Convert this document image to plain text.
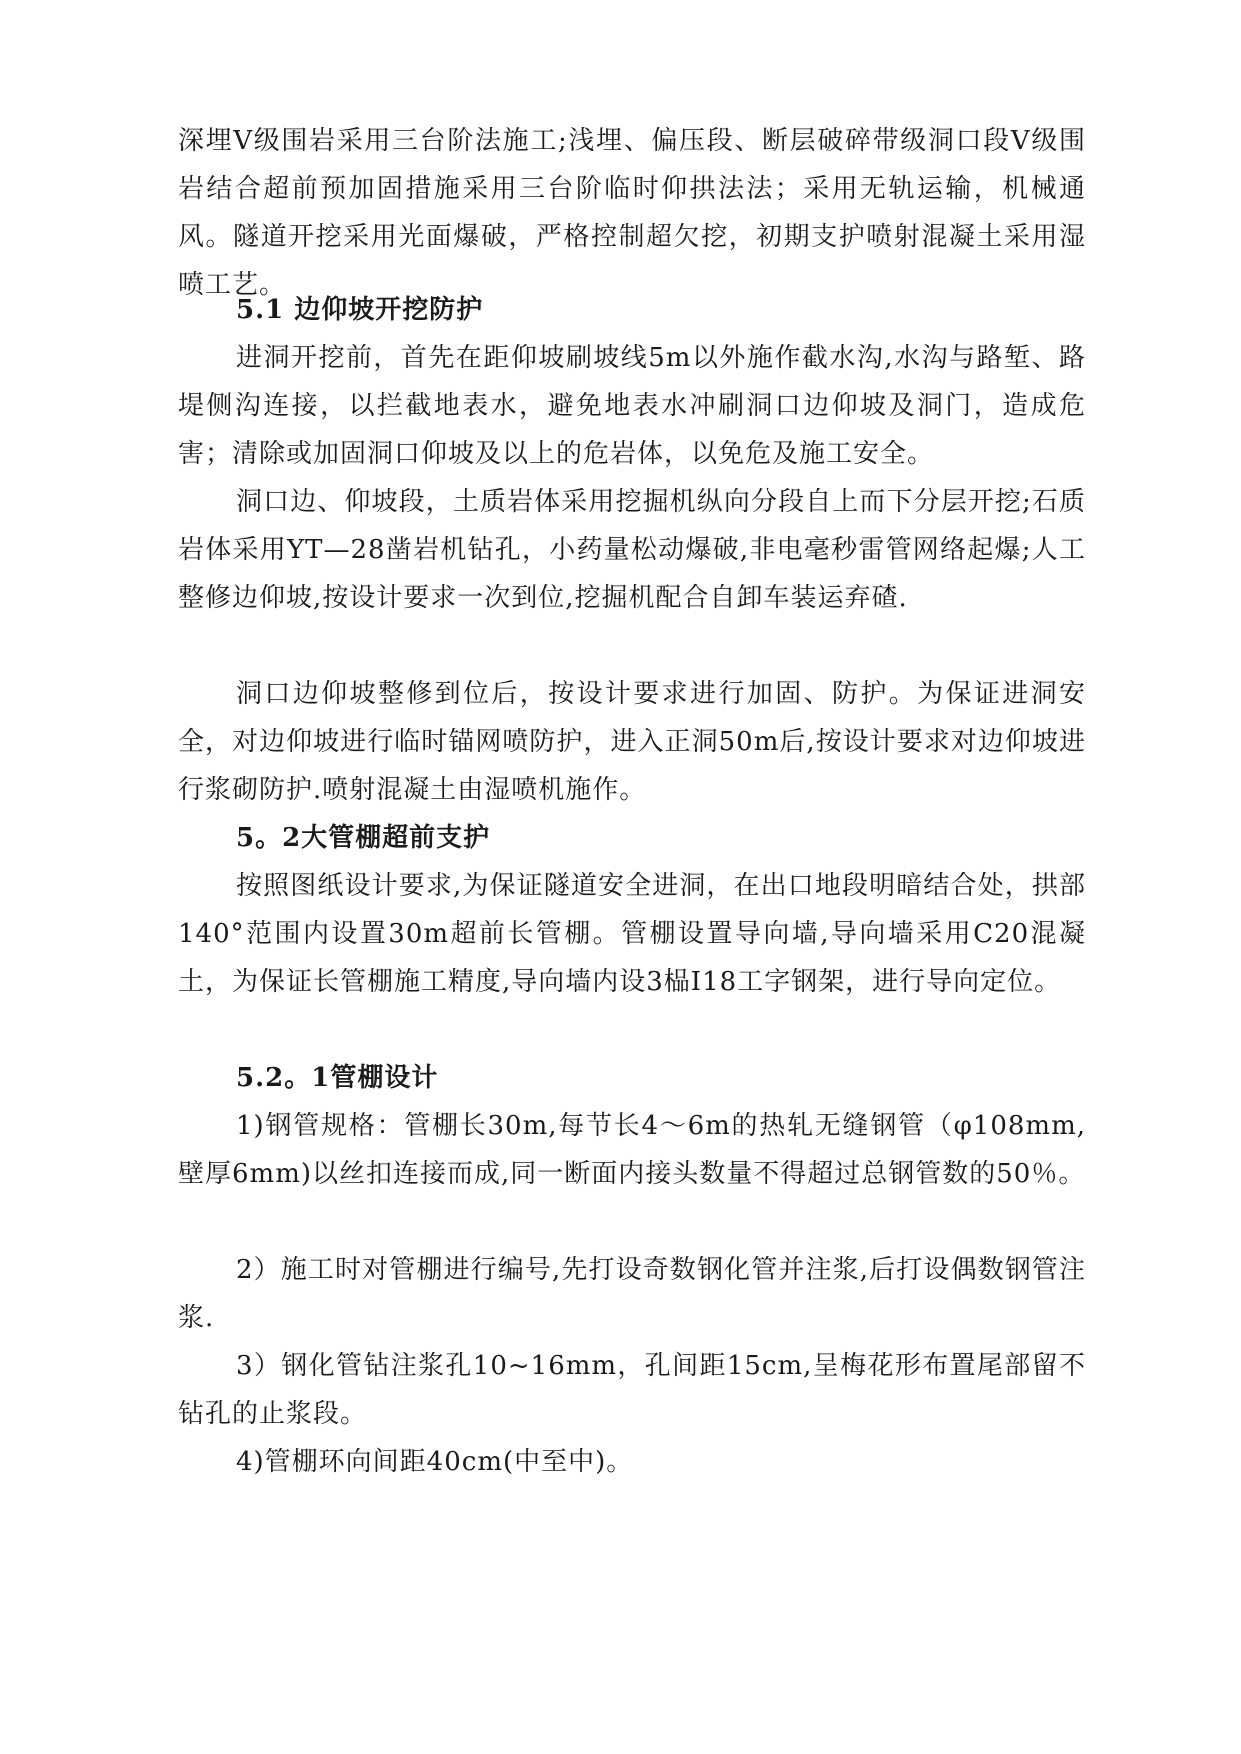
深埋Ⅴ级围岩采用三台阶法施工;浅埋、偏压段、断层破碎带级洞口段Ⅴ级围岩结合超前预加固措施采用三台阶临时仰拱法法；采用无轨运输，机械通风。隧道开挖采用光面爆破，严格控制超欠挖，初期支护喷射混凝土采用湿喷工艺。

5.1 边仰坡开挖防护

进洞开挖前，首先在距仰坡刷坡线5m以外施作截水沟,水沟与路堑、路堤侧沟连接，以拦截地表水，避免地表水冲刷洞口边仰坡及洞门，造成危害；清除或加固洞口仰坡及以上的危岩体，以免危及施工安全。

洞口边、仰坡段，土质岩体采用挖掘机纵向分段自上而下分层开挖;石质岩体采用YT—28凿岩机钻孔，小药量松动爆破,非电毫秒雷管网络起爆;人工整修边仰坡,按设计要求一次到位,挖掘机配合自卸车装运弃碴.

洞口边仰坡整修到位后，按设计要求进行加固、防护。为保证进洞安全，对边仰坡进行临时锚网喷防护，进入正洞50m后,按设计要求对边仰坡进行浆砌防护.喷射混凝土由湿喷机施作。

5。2大管棚超前支护

按照图纸设计要求,为保证隧道安全进洞，在出口地段明暗结合处，拱部140°范围内设置30m超前长管棚。管棚设置导向墙,导向墙采用C20混凝土，为保证长管棚施工精度,导向墙内设3榀I18工字钢架，进行导向定位。

5.2。1管棚设计

1)钢管规格：管棚长30m,每节长4～6m的热轧无缝钢管（φ108mm,壁厚6mm)以丝扣连接而成,同一断面内接头数量不得超过总钢管数的50％。

2）施工时对管棚进行编号,先打设奇数钢化管并注浆,后打设偶数钢管注浆.

3）钢化管钻注浆孔10~16mm，孔间距15cm,呈梅花形布置尾部留不钻孔的止浆段。

4)管棚环向间距40cm(中至中)。
